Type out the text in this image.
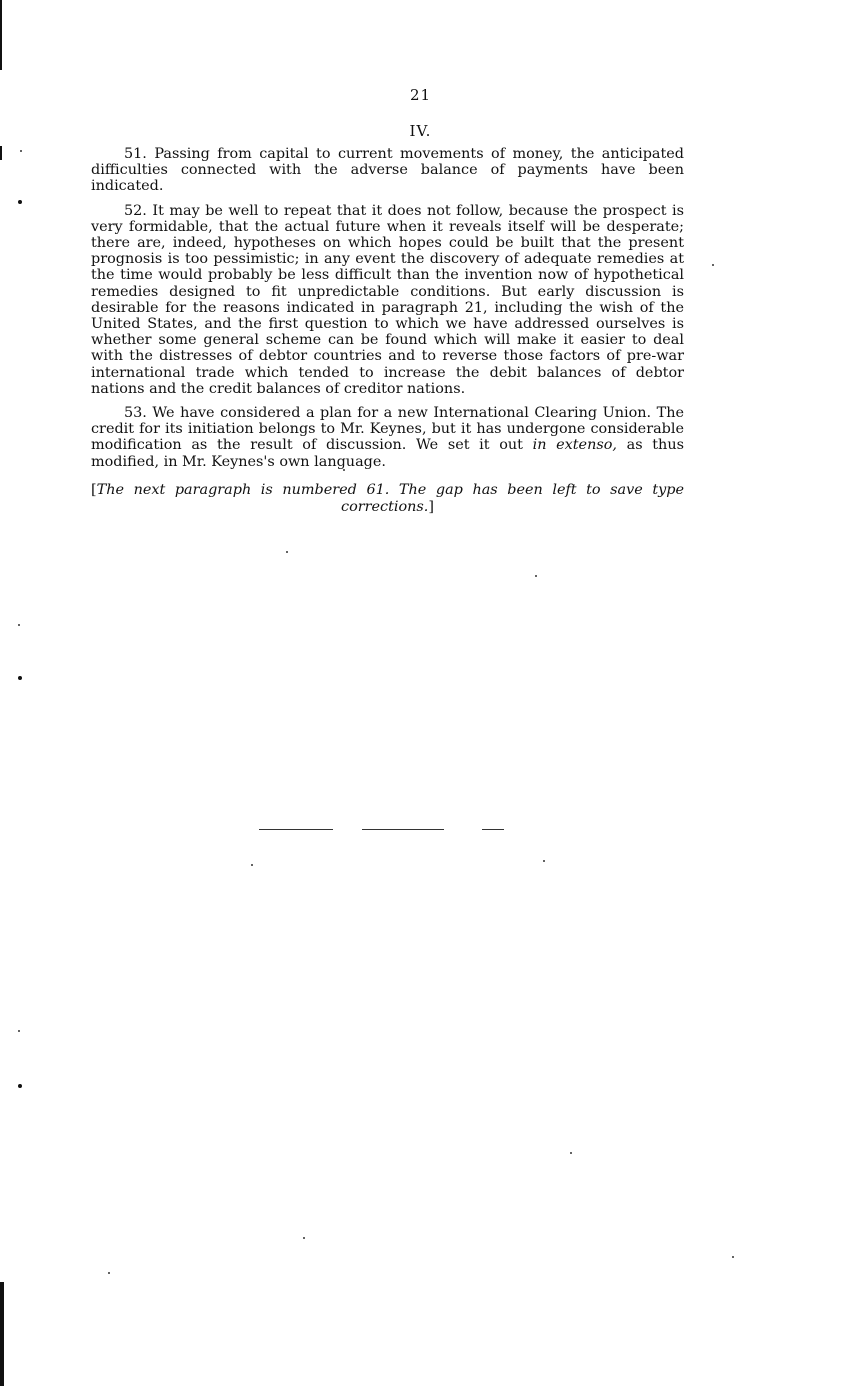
21
IV.

51. Passing from capital to current movements of money, the anticipated difficulties connected with the adverse balance of payments have been indicated.

52. It may be well to repeat that it does not follow, because the prospect is very formidable, that the actual future when it reveals itself will be desperate; there are, indeed, hypotheses on which hopes could be built that the present prognosis is too pessimistic; in any event the discovery of adequate remedies at the time would probably be less difficult than the invention now of hypothetical remedies designed to fit unpredictable conditions. But early discussion is desirable for the reasons indicated in paragraph 21, including the wish of the United States, and the first question to which we have addressed ourselves is whether some general scheme can be found which will make it easier to deal with the distresses of debtor countries and to reverse those factors of pre-war international trade which tended to increase the debit balances of debtor nations and the credit balances of creditor nations.

53. We have considered a plan for a new International Clearing Union. The credit for its initiation belongs to Mr. Keynes, but it has undergone considerable modification as the result of discussion. We set it out in extenso, as thus modified, in Mr. Keynes's own language.

[The next paragraph is numbered 61. The gap has been left to save type
corrections.]
